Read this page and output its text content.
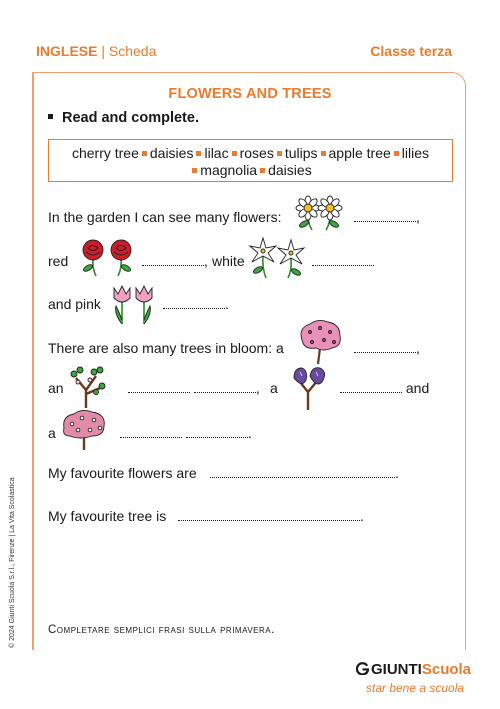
INGLESE | Scheda	Classe terza
FLOWERS AND TREES
Read and complete.
cherry tree daisies lilac roses tulips apple tree lilies
magnolia daisies
In the garden I can see many flowers:	,
red	, white
and pink	.
There are also many trees in bloom: a	,
an	, a	and
a	.
My favourite flowers are	.
My favourite tree is	.
Completare semplici frasi sulla primavera.
© 2024 Giunti Scuola S.r.l., Firenze | La Vita Scolastica
GIUNTIScuola
star bene a scuola
